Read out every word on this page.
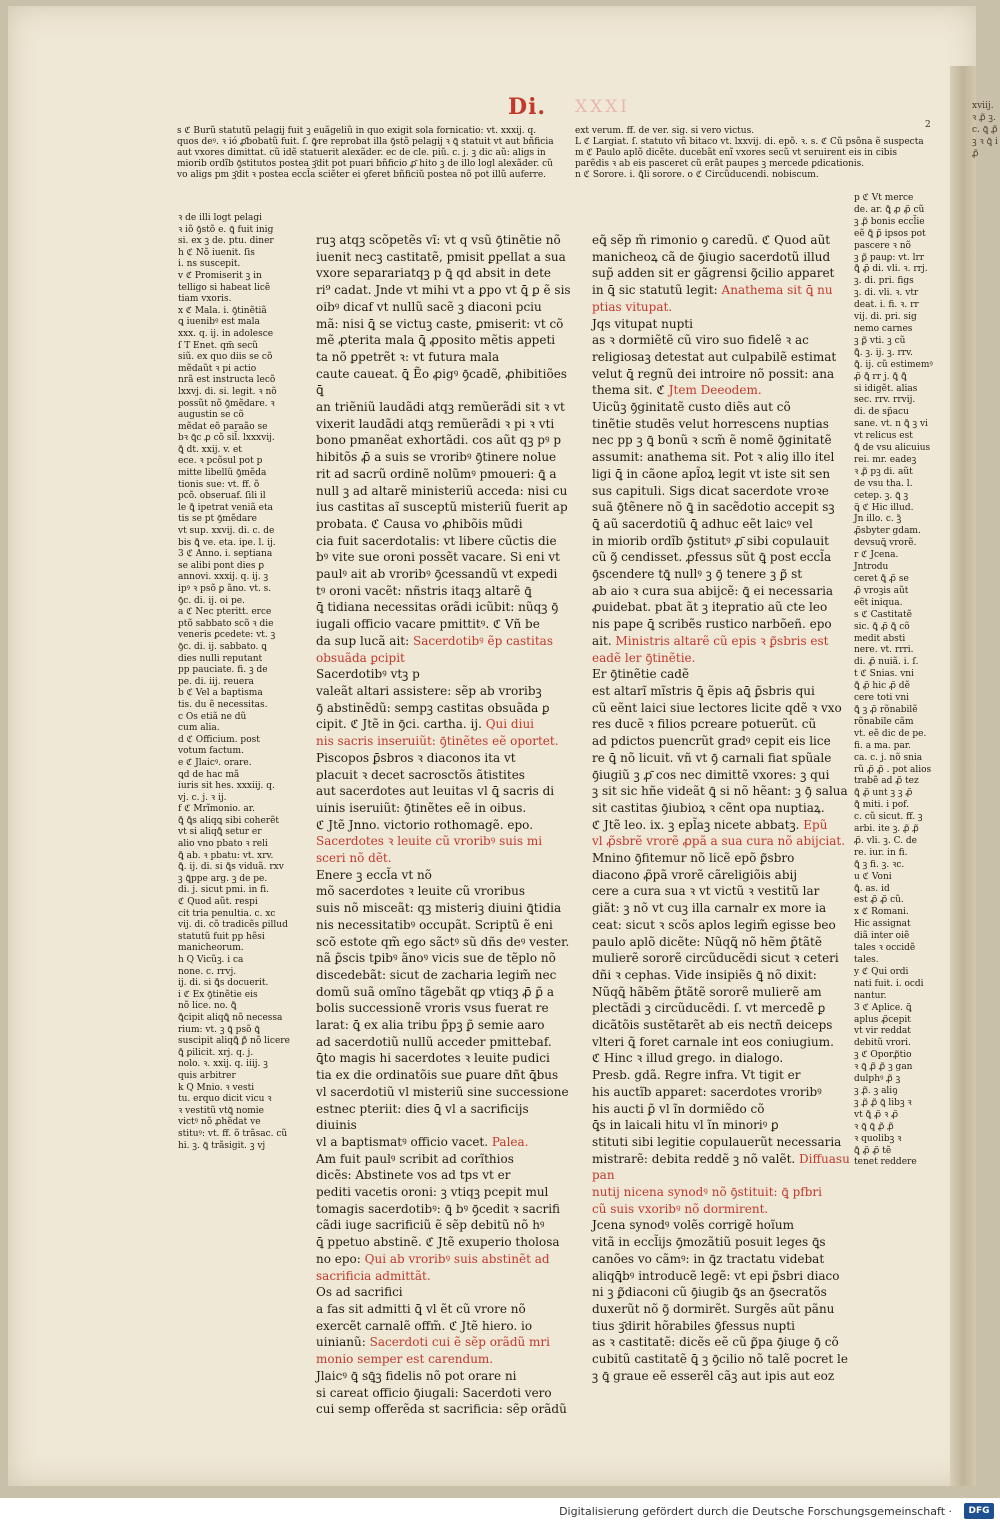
xviij. ꝛ ꝓ̃ ꝫ. c. ꝗ̄ ꝓ̃ ꝫ ꝛ ꝗ̄ i ꝓ̃
Di. XXXI
2
s ℭ Burũ statutũ pelagij fuit ꝫ euãgeliũ in quo exigit sola fornicatio: vt. xxxij. q. quos deꝰ. ꝛ ió ꝓ̄bobatũ fuit. ſ. ꝙ̄re reprobat illa ꝯ̄stõ pelagij ꝛ ꝗ̄ statuit vt aut bñficia aut vxores dimittat. cũ idẽ statuerit alexãder. ec de cle. piũ. c. j. ꝫ dic aũ: aligs in miorib ordĩb ꝯ̄stitutos postea ꝫ̄dit pot puari bñficio ꝓ̄ hito ꝫ de illo logl alexãder. cũ vo aligs pm ꝫ̄dit ꝛ postea eccl̃a sciẽter ei ꝯferet bñficiũ postea nõ pot illũ auferre.
ext verum. ff. de ver. sig. si vero victus.
L ℭ Largiat. ſ. statuto vñ bitaco vt. lxxvij. di. epõ. ꝛ. s. ℭ Cũ psõna ẽ suspecta
m ℭ Paulo aplõ dicẽte. ducebãt enĩ vxores secũ vt seruirent eis in cibis
parẽdis ꝛ ab eis pasceret cũ erãt paupes ꝫ mercede ꝑdicationis.
n ℭ Sorore. i. ꝗ̄li sorore. o ℭ Circũducendi. nobiscum.
ꝛ de illi logt pelagi
ꝛ iõ ꝯ̄stõ e. ꝗ̄ fuit inig
si. ex ꝫ de. ptu. diner
h ℭ Nõ iuenit. ſis
i. ns suscepit.
v ℭ Promiserit ꝫ in
telligo si habeat licẽ
tiam vxoris.
x ℭ Mala. i. ꝯ̄tinẽtiã
ꝗ iuenibꝰ est mala
xxx. q. ij. in adolesce
ſ T Enet. qm̃ secũ
siũ. ex quo diis se cõ
mẽdaũt ꝛ pi actio
nrã est instructa lecõ
lxxvj. di. si. legit. ꝛ nõ
possũt nõ ꝯ̄mẽdare. ꝛ
augustin se cõ
mẽdat eõ paraão se
bꝛ ꝗ̄c ꝓ cõ sil̃. lxxxvij.
ꝗ̄ dt. xxij. v. et
ece. ꝛ pcõsul pot p
mitte libellũ ꝯ̄mẽda
tionis sue: vt. ff. õ
pcõ. obseruaf. ſili il
le ꝗ̄ ipetrat veniã eta
tis se pt ꝯ̄mẽdare
vt sup. xxvij. di. c. de
bis ꝗ̄ ve. eta. ipe. l. ij.
3 ℭ Anno. i. septiana
se alibi pont dies ꝑ
annovi. xxxij. q. ij. ꝫ
ipꝰ ꝛ psõ ꝑ ãno. vt. s.
ꝯ̄c. di. ij. oi pe.
a ℭ Nec pteritt. erce
ptõ sabbato scõ ꝛ die
veneris ꝑcedete: vt. ꝫ
ꝯ̄c. di. ij. sabbato. ꝗ
dies nulli reputant
pp pauciate. fi. ꝫ de
pe. di. iij. reuera
b ℭ Vel a baptisma
tis. du ẽ necessitas.
c Os etiã ne dũ
cum alia.
d ℭ Officium. post
votum factum.
e ℭ Jlaicꝰ. orare.
ꝗd de hac mã
iuris sit hes. xxxiij. q.
vj. c. j. ꝛ ij.
f ℭ Mrĩmonio. ar.
ꝗ̄ ꝗ̄s aliqꝗ sibi coherẽt
vt si aliqꝗ̄ setur er
alio vno pbato ꝛ reli
ꝗ̄ ab. ꝛ pbatu: vt. xrv.
ꝗ̄. ij. di. si ꝗ̄s viduã. rxv
ꝫ ꝗ̄ppe arg. ꝫ de pe.
di. j. sicut pmi. in fi.
ℭ Quod aũt. respi
cit tria penultia. c. xc
vij. di. cõ tradicẽs ꝑillud
statutũ fuit pp hẽsi
manicheorum.
h Q Vicũꝫ. i ca
none. c. rrvj.
ij. di. si ꝗ̄s docuerit.
i ℭ Ex ꝯ̄tinẽtie eis
nõ lice. no. ꝗ̄
ꝗ̄cipit aliqꝗ̄ nõ necessa
rium: vt. ꝫ ꝗ̄ psõ ꝗ̄
suscipit aliqꝗ̄ ꝑ̄ nõ licere
ꝗ̄ ꝑilicit. xrj. q. j.
nolo. ꝛ. xxij. q. iiij. ꝫ
quis arbitrer
k Q Mnio. ꝛ vesti
tu. erquo dicit vicu ꝛ
ꝛ vestitũ vtꝗ̄ nomie
victꝰ nõ ꝓhẽdat ve
stituꝰ: vt. ff. õ trãsac. cũ
hi. ꝫ. ꝗ̄ trãsigit. ꝫ vj
ruꝫ atqꝫ scõpetẽs vĩ: vt q vsũ ꝯ̄tinẽtie nõ
iuenit necꝫ castitatẽ, pmisit ꝑpellat a sua
vxore separariatqꝫ p ꝗ̄ qd absit in dete
ri⁹ cadat. Jnde vt mihi vt a ꝑpo vt ꝗ̄ ꝑ ẽ sis
oibꝰ dicaf vt nullũ sacẽ ꝫ diaconi pciu
mã: nisi ꝗ̄ se victuꝫ caste, ꝑmiserit: vt cõ
mẽ ꝓterita mala ꝗ̄ ꝓposito mẽtis appeti
ta nõ ꝑpetrẽt ꝛ: vt futura mala
caute caueat. ꝗ̄ Ẽo ꝓigꝰ ꝯ̄cadẽ, ꝓhibitiões ꝗ̄
an triẽniũ laudãdi atqꝫ remũerãdi sit ꝛ vt
vixerit laudãdi atqꝫ remũerãdi ꝛ pi ꝛ vti
bono pmanẽat exhortãdi. cos aũt qꝫ pꝰ p
hibitõs ꝓ̄ a suis se vroribꝰ ꝯ̄tinere nolue
rit ad sacrũ ordinẽ nolũmꝰ pmoueri: ꝗ̄ a
null ꝫ ad altarẽ ministeriũ acceda: nisi cu
ius castitas aĩ susceptũ misteriũ fuerit ap
probata. ℭ Causa vo ꝓhibõis mũdi
cia fuit sacerdotalis: vt libere cũctis die
bꝰ vite sue oroni possẽt vacare. Si eni vt
paulꝰ ait ab vroribꝰ ꝯ̄cessandũ vt expedi
tꝰ oroni vacẽt: nñstris itaqꝫ altarẽ ꝗ̄
ꝗ̄ tidiana necessitas orãdi icũbit: nũqꝫ ꝯ̄
iugali officio vacare pmittitꝰ. ℭ Vñ be
da sup lucã ait: Sacerdotibꝰ ẽp castitas obsuãda ꝑcipit
Sacerdotibꝰ vtꝫ p
valeãt altari assistere: sẽp ab vroribꝫ
ꝯ̄ abstinẽdũ: sempꝫ castitas obsuãda ꝑ
cipit. ℭ Jtẽ in ꝯ̄ci. cartha. ij. Qui diui
nis sacris inseruiũt: ꝯ̄tinẽtes eẽ oportet.
Piscopos ꝑ̄sbros ꝛ diaconos ita vt
placuit ꝛ decet sacrosctõs ãtistites
aut sacerdotes aut leuitas vl ꝗ̄ sacris di
uinis iseruiũt: ꝯ̄tinẽtes eẽ in oibus.
ℭ Jtẽ Jnno. victorio rothomagẽ. epo.
Sacerdotes ꝛ leuite cũ vroribꝰ suis mi
sceri nõ dẽt.
Enere ꝫ eccl̃a vt nõ
mõ sacerdotes ꝛ leuite cũ vroribus
suis nõ misceãt: qꝫ misteriꝫ diuini ꝗ̄tidia
nis necessitatibꝰ occupãt. Scriptũ ẽ eni
scõ estote qm̃ ego sãctꝰ sũ dñs deꝰ vester.
nã ꝑ̃scis tꝑibꝰ ãnoꝰ vicis sue de tẽplo nõ
discedebãt: sicut de zacharia legim̃ nec
domũ suã omĩno tãgebãt qꝑ vtiqꝫ ꝓ̄ ꝑ̃ a
bolis successionẽ vroris vsus fuerat re
larat: ꝗ̄ ex alia tribu p̃pꝫ ꝑ̃ semie aaro
ad sacerdotiũ nullũ acceder pmittebaf.
ꝗ̄to magis hi sacerdotes ꝛ leuite pudici
tia ex die ordinatõis sue ꝑuare dñt ꝗ̄bus
vl sacerdotiũ vl misteriũ sine successione
estnec pteriit: dies ꝗ̄ vl a sacrificijs diuinis
vl a baptismatꝰ officio vacet. Palea.
Am fuit paulꝰ scribit ad corĩthios
dicẽs: Abstinete vos ad tps vt er
pediti vacetis oroni: ꝫ vtiqꝫ pcepit mul
tomagis sacerdotibꝰ: ꝗ̄ bꝰ ꝯ̄cedit ꝛ sacrifi
cãdi iuge sacrificiũ ẽ sẽp debitũ nõ hꝰ
ꝗ̄ ppetuo abstinẽ. ℭ Jtẽ exuperio tholosa
no epo: Qui ab vroribꝰ suis abstinẽt ad
sacrificia admittãt.
Os ad sacrifici
a fas sit admitti ꝗ̄ vl ẽt cũ vrore nõ
exercẽt carnalẽ offm̃. ℭ Jtẽ hiero. io
uinianũ: Sacerdoti cui ẽ sẽp orãdũ mri
monio semper est carendum.
Jlaicꝰ ꝗ̄ sꝗ̄ꝫ fidelis nõ pot orare ni
si careat officio ꝯ̄iugali: Sacerdoti vero
cui semp offerẽda st sacrificia: sẽp orãdũ
eꝗ̃ sẽp m̃ rimonio ꝯ caredũ. ℭ Quod aũt
manicheoꝝ cã de ꝯ̄iugio sacerdotũ illud
sup̃ adden sit er gãgrensi ꝯ̃cilio apparet
in ꝗ̄ sic statutũ legit: Anathema sit ꝗ̄ nu
ptias vitupat.
Jqs vitupat nupti
as ꝛ dormiẽtẽ cũ viro suo fidelẽ ꝛ ac
religiosaꝫ detestat aut culpabilẽ estimat
velut ꝗ̄ regnũ dei introire nõ possit: ana
thema sit. ℭ Jtem Deeodem.
Uicũꝫ ꝯ̄ginitatẽ custo diẽs aut cõ
tinẽtie studẽs velut horrescens nuptias
nec pp ꝫ ꝗ̄ bonũ ꝛ scm̃ ẽ nomẽ ꝯ̄ginitatẽ
assumit: anathema sit. Pot ꝛ aliꝯ illo itel
ligi ꝗ̄ in cãone apl̃oꝝ legit vt iste sit sen
sus capituli. Sigs dicat sacerdote vroꝛe
suã ꝯ̄tẽnere nõ ꝗ̄ in sacẽdotio accepit sꝫ
ꝗ̄ aũ sacerdotiũ ꝗ̄ adhuc eẽt laicꝰ vel
in miorib ordĩb ꝯ̄stitutꝰ ꝓ̄ sibi copulauit
cũ ꝯ̃ cendisset. ꝓfessus sũt ꝗ̄ post eccl̃a
ꝯ̄scendere tꝗ̄ nullꝰ ꝫ ꝯ̄ tenere ꝫ ꝑ̃ st
ab aio ꝛ cura sua abijcẽ: ꝗ̄ ei necessaria
ꝓuidebat. pbat ãt ꝫ itepratio aũ cte leo
nis pape ꝗ̄ scribẽs rustico narbõeñ. epo
ait. Ministris altarẽ cũ epis ꝛ ꝑ̃sbris est
eadẽ ler ꝯ̄tinẽtie.
Er ꝯ̄tinẽtie cadẽ
est altarĩ mĩstris ꝗ̄ ẽpis aꝗ̄ ꝑ̃sbris qui
cũ eẽnt laici siue lectores licite qdẽ ꝛ vxo
res ducẽ ꝛ filios pcreare potuerũt. cũ
ad pdictos puencrũt gradꝰ cepit eis lice
re ꝗ̄ nõ licuit. vñ vt ꝯ̄ carnali fiat spũale
ꝯ̄iugiũ ꝫ ꝓ̄ cos nec dimittẽ vxores: ꝫ qui
ꝫ sit sic hñe videãt ꝗ̄ si nõ hẽant: ꝫ ꝯ̄ salua
sit castitas ꝯ̄iubioꝝ ꝛ cẽnt opa nuptiaꝝ.
ℭ Jtẽ leo. ix. ꝫ epl̃aꝫ nicete abbatꝫ. Epũ
vl ꝓ̃sbrẽ vrorẽ ꝓpã a sua cura nõ abijciat.
Mnino ꝯ̄fitemur nõ licẽ epõ ꝑ̃sbro
diacono ꝓ̃pã vrorẽ cãreligiõis abij
cere a cura sua ꝛ vt victũ ꝛ vestitũ lar
giãt: ꝫ nõ vt cuꝫ illa carnalr ex more ia
ceat: sicut ꝛ scõs aplos legim̃ egisse beo
paulo aplõ dicẽte: Nũqꝗ̃ nõ hẽm ꝑ̃tãtẽ
mulierẽ sororẽ circũducẽdi sicut ꝛ ceteri
dñi ꝛ cephas. Vide insipiẽs ꝗ̄ nõ dixit:
Nũqꝗ̃ hãbẽm ꝑ̃tãtẽ sororẽ mulierẽ am
plectãdi ꝫ circũducẽdi. ſ. vt mercedẽ ꝑ
dicãtõis sustẽtarẽt ab eis nectñ deiceps
vlteri ꝗ̃ foret carnale int eos coniugium.
ℭ Hinc ꝛ illud grego. in dialogo.
Presb. gdã. Regre infra. Vt tigit er
his auctĩb apparet: sacerdotes vroribꝰ
his aucti ꝑ̃ vl ĩn dormiẽdo cõ
ꝗ̄s in laicali hitu vl ĩn minoriꝰ ꝑ
stituti sibi legitie copulauerũt necessaria
mistrarẽ: debita reddẽ ꝫ nõ valẽt. Diffuasu pan
nutij nicena synodꝰ nõ ꝯ̄stituit: ꝗ̄ pfbri
cũ suis vxoribꝰ nõ dormirent.
Jcena synodꝰ volẽs corrigẽ hoĩum
vitã in eccl̃ijs ꝯ̄mozãtiũ posuit leges ꝗ̄s
canões vo cãmꝰ: in ꝗ̄z tractatu videbat
aliqꝗ̄bꝰ introducẽ legẽ: vt epi ꝑ̃sbri diaco
ni ꝫ ꝑ̃diaconi cũ ꝯ̄iugib ꝗ̄s an ꝯ̄secratõs
duxerũt nõ ꝯ̃ dormirẽt. Surgẽs aũt pãnu
tius ꝫ̄dirit hõrabiles ꝯ̄fessus nupti
as ꝛ castitatẽ: dicẽs eẽ cũ ꝑ̃pa ꝯ̄iuge ꝯ̄ cõ
cubitũ castitatẽ ꝗ̄ ꝫ ꝯ̄cilio nõ talẽ pocret le
ꝫ ꝗ̄ graue eẽ esserẽl cãꝫ aut ipis aut eoz
p ℭ Vt merce
de. ar. ꝗ̄ ꝓ ꝓ̃ cũ
ꝫ ꝓ̃ bonis eccl̃ie
eẽ ꝗ̄ ꝑ̃ ipsos pot
pascere ꝛ nõ
ꝫ ꝑ̃ pauꝑ: vt. lrr
ꝗ̄ ꝓ̃ di. vli. ꝛ. rrj.
ꝫ. di. pri. figs
ꝫ. di. vli. ꝛ. vtr
deat. i. fi. ꝛ. rr
vij. di. pri. sig
nemo carnes
ꝫ ꝑ̃ vti. ꝫ cũ
ꝗ̄. ꝫ. ij. ꝫ. rrv.
ꝗ̄. ij. cũ estimemꝰ
ꝓ̃ ꝗ̄ rr j. ꝗ̄ ꝗ̄
si idigẽt. alias
sec. rrv. rrvij.
di. de sp̃acu
sane. vt. n ꝗ̄ ꝫ vi
vt relicus est
ꝗ̄ de vsu alicuius
rei. mr. eadeꝫ
ꝛ ꝓ̃ pꝫ di. aũt
de vsu tha. l.
cetep. ꝫ. ꝗ̄ ꝫ
ꝗ̃ ℭ Hic illud.
Jn illo. c. ꝫ̃
ꝓ̃sbyter gdam.
devsuꝗ̃ vrorẽ.
r ℭ Jcena.
Jntrodu
ceret ꝗ̄ ꝓ̃ se
ꝓ̃ vroꝫis aũt
eẽt iniqua.
s ℭ Castitatẽ
sic. ꝗ̄ ꝓ̃ ꝗ̄ cõ
medit absti
nere. vt. rrri.
di. ꝓ̃ nuiã. i. ſ.
t ℭ Snias. vni
ꝗ̄ ꝓ̃ hic ꝓ̃ dẽ
cere toti vni
ꝗ̄ ꝫ ꝓ̃ rõnabilẽ
rõnabile cãm
vt. eẽ dic de pe.
fi. a ma. par.
ca. c. j. nõ snia
rũ ꝓ̃ ꝓ̃ . pot alios
trabẽ ad ꝓ̃ tez
ꝗ̄ ꝓ̃ unt ꝫ ꝫ ꝓ̃
ꝗ̄ miti. i pof.
c. cũ sicut. ff. ꝫ
arbi. ite ꝫ. ꝓ̃ ꝓ̃
ꝓ̃. vli. ꝫ. C. de
re. iur. in fi.
ꝗ̄ ꝫ fi. ꝫ. ꝛc.
u ℭ Voni
ꝗ̄. as. id
est ꝓ̃ ꝓ̃ cũ.
x ℭ Romani.
Hic assignat
diã inter oiẽ
tales ꝛ occidẽ
tales.
y ℭ Qui ordi
nati fuit. i. ocdi
nantur.
3 ℭ Aplice. ꝗ̃
aplus ꝓ̃cepit
vt vir reddat
debitũ vrori.
ꝫ ℭ Oporꝓ̃tio
ꝛ ꝗ̄ ꝓ̃ ꝓ̃ ꝫ gan
dulphꝰ ꝓ̃ ꝫ
ꝫ ꝓ̃. ꝫ aliꝯ
ꝫ ꝓ̃ ꝓ̃ ꝗ̄ libꝫ ꝛ
vt ꝗ̄ ꝓ̃ ꝛ ꝓ̃
ꝛ ꝗ̄ ꝗ̄ ꝓ̃ ꝓ̃
ꝛ quolibꝫ ꝛ
ꝗ̄ ꝓ̃ ꝓ̃ tẽ
tenet reddere
Digitalisierung gefördert durch die Deutsche Forschungsgemeinschaft ·	DFG
